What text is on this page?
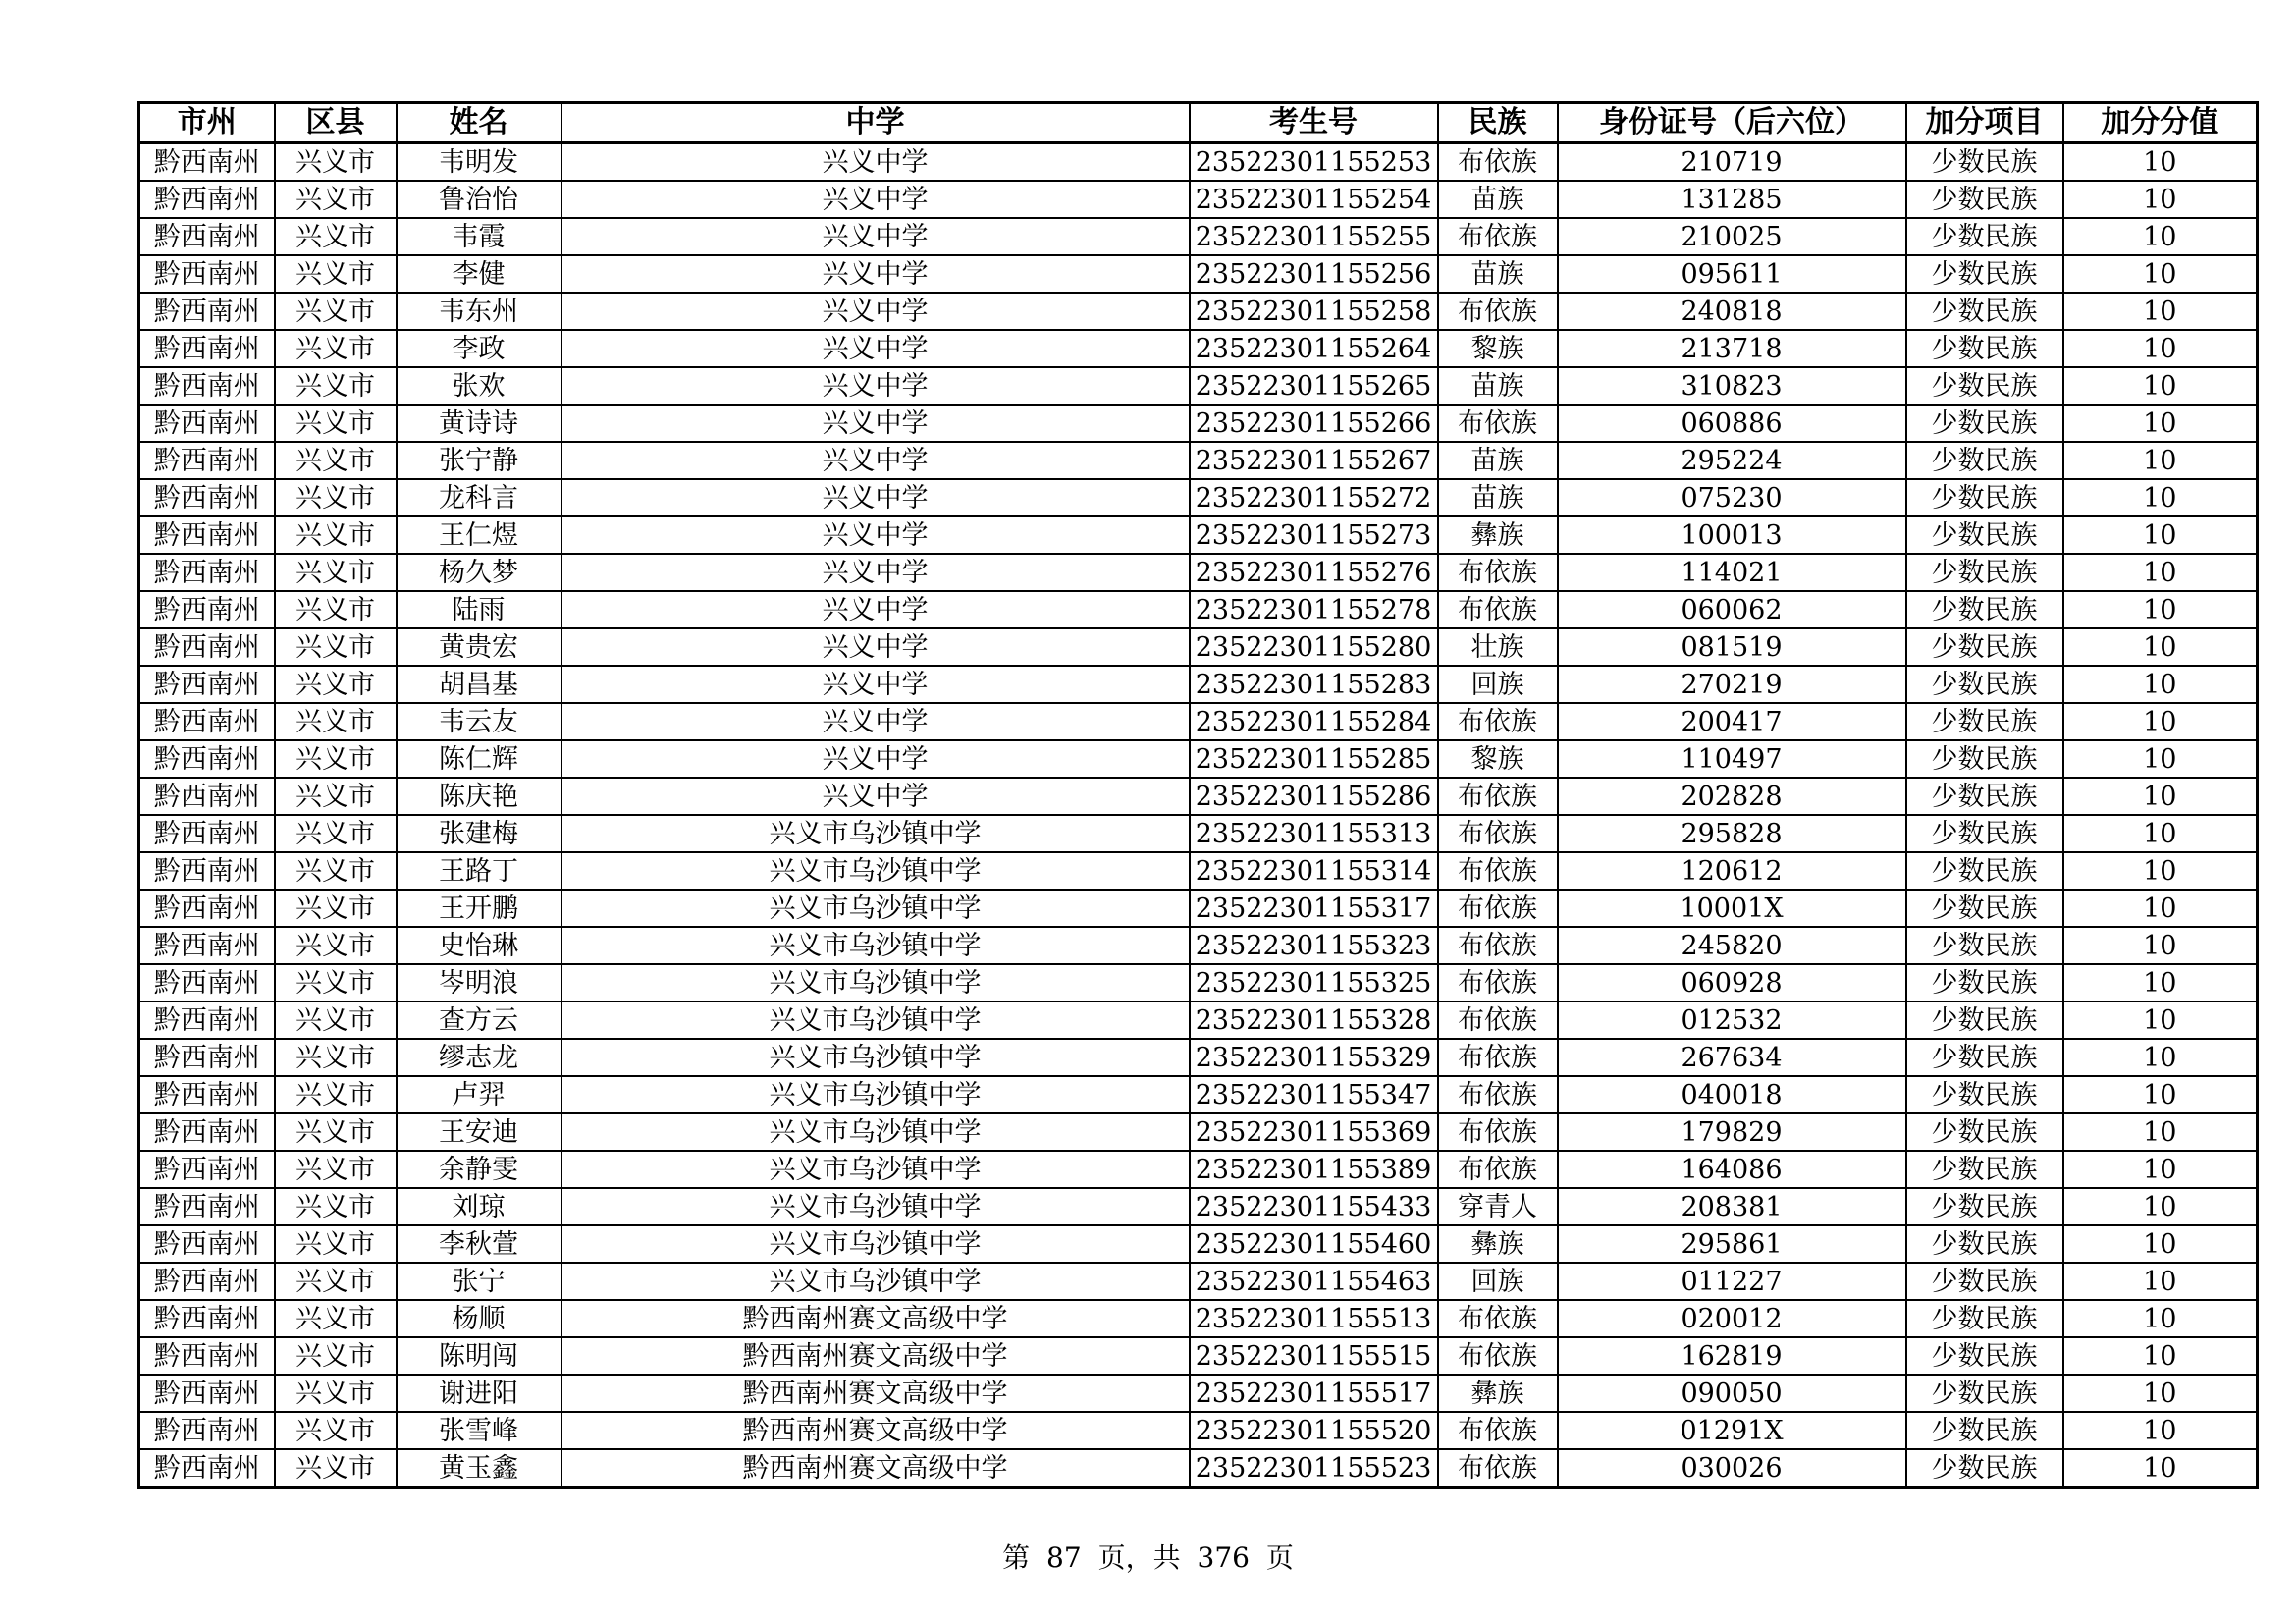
市州	区县	姓名	中学	考生号	民族	身份证号（后六位）	加分项目	加分分值
黔西南州	兴义市	韦明发	兴义中学	23522301155253	布依族	210719	少数民族	10
黔西南州	兴义市	鲁治怡	兴义中学	23522301155254	苗族	131285	少数民族	10
黔西南州	兴义市	韦霞	兴义中学	23522301155255	布依族	210025	少数民族	10
黔西南州	兴义市	李健	兴义中学	23522301155256	苗族	095611	少数民族	10
黔西南州	兴义市	韦东州	兴义中学	23522301155258	布依族	240818	少数民族	10
黔西南州	兴义市	李政	兴义中学	23522301155264	黎族	213718	少数民族	10
黔西南州	兴义市	张欢	兴义中学	23522301155265	苗族	310823	少数民族	10
黔西南州	兴义市	黄诗诗	兴义中学	23522301155266	布依族	060886	少数民族	10
黔西南州	兴义市	张宁静	兴义中学	23522301155267	苗族	295224	少数民族	10
黔西南州	兴义市	龙科言	兴义中学	23522301155272	苗族	075230	少数民族	10
黔西南州	兴义市	王仁煜	兴义中学	23522301155273	彝族	100013	少数民族	10
黔西南州	兴义市	杨久梦	兴义中学	23522301155276	布依族	114021	少数民族	10
黔西南州	兴义市	陆雨	兴义中学	23522301155278	布依族	060062	少数民族	10
黔西南州	兴义市	黄贵宏	兴义中学	23522301155280	壮族	081519	少数民族	10
黔西南州	兴义市	胡昌基	兴义中学	23522301155283	回族	270219	少数民族	10
黔西南州	兴义市	韦云友	兴义中学	23522301155284	布依族	200417	少数民族	10
黔西南州	兴义市	陈仁辉	兴义中学	23522301155285	黎族	110497	少数民族	10
黔西南州	兴义市	陈庆艳	兴义中学	23522301155286	布依族	202828	少数民族	10
黔西南州	兴义市	张建梅	兴义市乌沙镇中学	23522301155313	布依族	295828	少数民族	10
黔西南州	兴义市	王路丁	兴义市乌沙镇中学	23522301155314	布依族	120612	少数民族	10
黔西南州	兴义市	王开鹏	兴义市乌沙镇中学	23522301155317	布依族	10001X	少数民族	10
黔西南州	兴义市	史怡琳	兴义市乌沙镇中学	23522301155323	布依族	245820	少数民族	10
黔西南州	兴义市	岑明浪	兴义市乌沙镇中学	23522301155325	布依族	060928	少数民族	10
黔西南州	兴义市	查方云	兴义市乌沙镇中学	23522301155328	布依族	012532	少数民族	10
黔西南州	兴义市	缪志龙	兴义市乌沙镇中学	23522301155329	布依族	267634	少数民族	10
黔西南州	兴义市	卢羿	兴义市乌沙镇中学	23522301155347	布依族	040018	少数民族	10
黔西南州	兴义市	王安迪	兴义市乌沙镇中学	23522301155369	布依族	179829	少数民族	10
黔西南州	兴义市	余静雯	兴义市乌沙镇中学	23522301155389	布依族	164086	少数民族	10
黔西南州	兴义市	刘琼	兴义市乌沙镇中学	23522301155433	穿青人	208381	少数民族	10
黔西南州	兴义市	李秋萱	兴义市乌沙镇中学	23522301155460	彝族	295861	少数民族	10
黔西南州	兴义市	张宁	兴义市乌沙镇中学	23522301155463	回族	011227	少数民族	10
黔西南州	兴义市	杨顺	黔西南州赛文高级中学	23522301155513	布依族	020012	少数民族	10
黔西南州	兴义市	陈明闯	黔西南州赛文高级中学	23522301155515	布依族	162819	少数民族	10
黔西南州	兴义市	谢进阳	黔西南州赛文高级中学	23522301155517	彝族	090050	少数民族	10
黔西南州	兴义市	张雪峰	黔西南州赛文高级中学	23522301155520	布依族	01291X	少数民族	10
黔西南州	兴义市	黄玉鑫	黔西南州赛文高级中学	23522301155523	布依族	030026	少数民族	10
第 87 页，共 376 页
